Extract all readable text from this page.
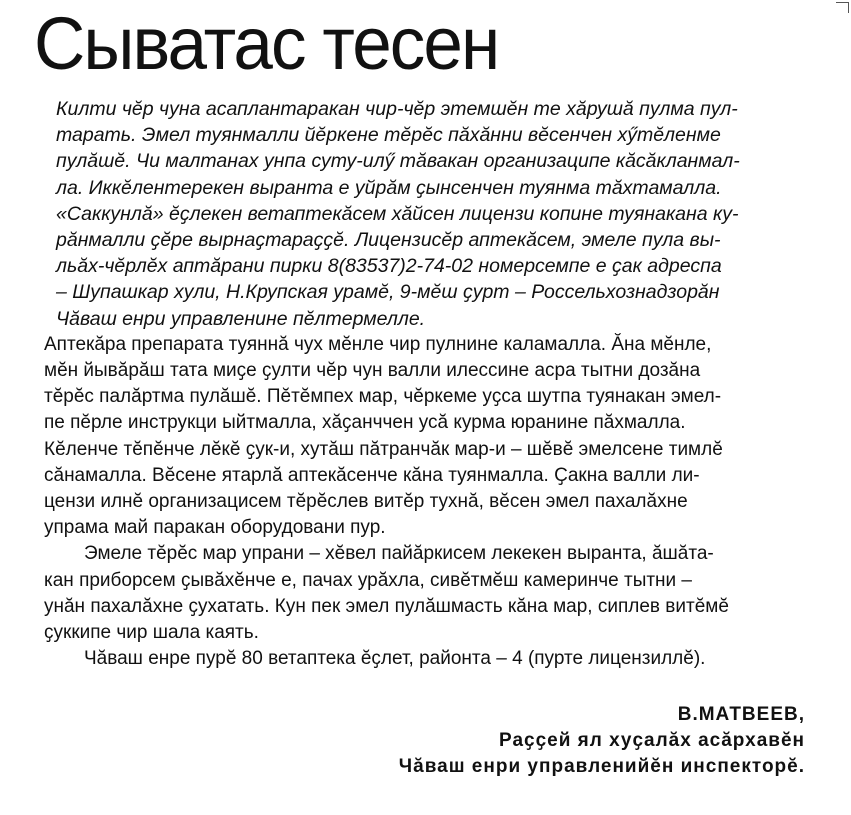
Сыватас тесен

Килти чӗр чуна асаплантаракан чир-чӗр этемшӗн те хӑрушӑ пулма пул-
тарать. Эмел туянмалли йӗркене тӗрӗс пӑхӑнни вӗсенчен хӳтӗленме
пулӑшӗ. Чи малтанах унпа суту-илӳ тӑвакан организаципе кӑсӑкланмал-
ла. Иккӗлентерекен выранта е уйрӑм ҫынсенчен туянма тӑхтамалла.
«Саккунлӑ» ӗҫлекен ветаптекӑсем хӑйсен лицензи копине туянакана ку-
рӑнмалли ҫӗре вырнаҫтараҫҫӗ. Лицензисӗр аптекӑсем, эмеле пула вы-
льӑх-чӗрлӗх аптӑрани пирки 8(83537)2-74-02 номерсемпе е ҫак адреспа
– Шупашкар хули, Н.Крупская урамӗ, 9-мӗш ҫурт – Россельхознадзорӑн
Чӑваш енри управленине пӗлтермелле.

Аптекӑра препарата туяннӑ чух мӗнле чир пулнине каламалла. Ӑна мӗнле,
мӗн йывӑрӑш тата миҫе ҫулти чӗр чун валли илессине асра тытни дозӑна
тӗрӗс палӑртма пулӑшӗ. Пӗтӗмпех мар, чӗркеме уҫса шутпа туянакан эмел-
пе пӗрле инструкци ыйтмалла, хӑҫанччен усӑ курма юранине пӑхмалла.
Кӗленче тӗпӗнче лӗкӗ ҫук-и, хутӑш пӑтранчӑк мар-и – шӗвӗ эмелсене тимлӗ
сӑнамалла. Вӗсене ятарлӑ аптекӑсенче кӑна туянмалла. Ҫакна валли ли-
цензи илнӗ организацисем тӗрӗслев витӗр тухнӑ, вӗсен эмел пахалӑхне
упрама май паракан оборудовани пур.

Эмеле тӗрӗс мар упрани – хӗвел пайӑркисем лекекен выранта, ӑшӑта-
кан приборсем ҫывӑхӗнче е, пачах урӑхла, сивӗтмӗш камеринче тытни –
унӑн пахалӑхне ҫухатать. Кун пек эмел пулӑшмасть кӑна мар, сиплев витӗмӗ
ҫуккипе чир шала каять.

Чӑваш енре пурӗ 80 ветаптека ӗҫлет, районта – 4 (пурте лицензиллӗ).

В.МАТВЕЕВ,
Раҫҫей ял хуҫалӑх асӑрхавӗн
Чӑваш енри управленийӗн инспекторӗ.
